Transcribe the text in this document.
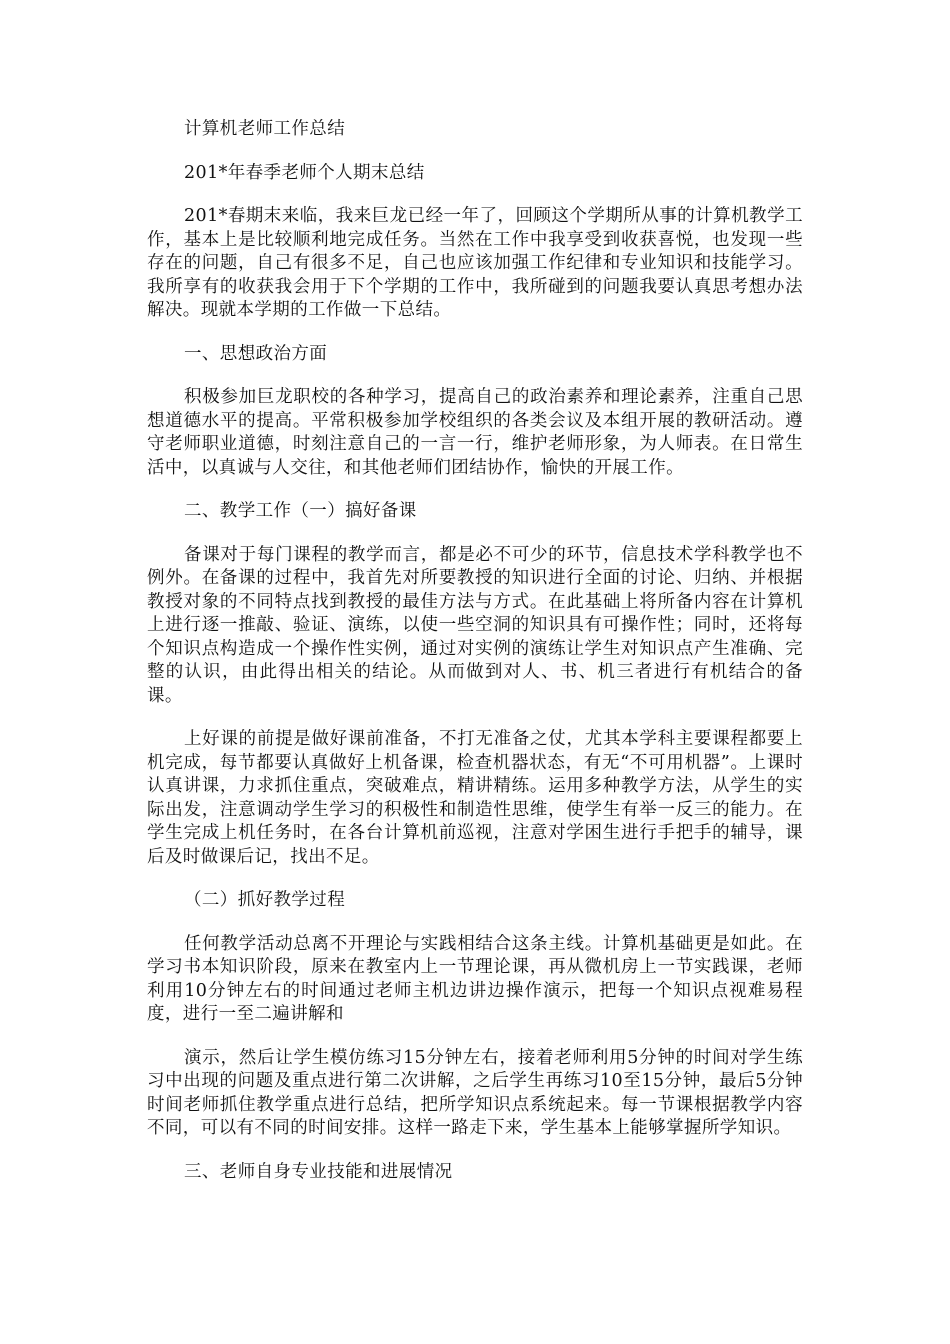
计算机老师工作总结

201*年春季老师个人期末总结

201*春期末来临，我来巨龙已经一年了，回顾这个学期所从事的计算机教学工作，基本上是比较顺利地完成任务。当然在工作中我享受到收获喜悦，也发现一些存在的问题，自己有很多不足，自己也应该加强工作纪律和专业知识和技能学习。我所享有的收获我会用于下个学期的工作中，我所碰到的问题我要认真思考想办法解决。现就本学期的工作做一下总结。

一、思想政治方面

积极参加巨龙职校的各种学习，提高自己的政治素养和理论素养，注重自己思想道德水平的提高。平常积极参加学校组织的各类会议及本组开展的教研活动。遵守老师职业道德，时刻注意自己的一言一行，维护老师形象，为人师表。在日常生活中，以真诚与人交往，和其他老师们团结协作，愉快的开展工作。

二、教学工作（一）搞好备课

备课对于每门课程的教学而言，都是必不可少的环节，信息技术学科教学也不例外。在备课的过程中，我首先对所要教授的知识进行全面的讨论、归纳、并根据教授对象的不同特点找到教授的最佳方法与方式。在此基础上将所备内容在计算机上进行逐一推敲、验证、演练，以使一些空洞的知识具有可操作性；同时，还将每个知识点构造成一个操作性实例，通过对实例的演练让学生对知识点产生准确、完整的认识，由此得出相关的结论。从而做到对人、书、机三者进行有机结合的备课。

上好课的前提是做好课前准备，不打无准备之仗，尤其本学科主要课程都要上机完成，每节都要认真做好上机备课，检查机器状态，有无“不可用机器”。上课时认真讲课，力求抓住重点，突破难点，精讲精练。运用多种教学方法，从学生的实际出发，注意调动学生学习的积极性和制造性思维，使学生有举一反三的能力。在学生完成上机任务时，在各台计算机前巡视，注意对学困生进行手把手的辅导，课后及时做课后记，找出不足。

（二）抓好教学过程

任何教学活动总离不开理论与实践相结合这条主线。计算机基础更是如此。在学习书本知识阶段，原来在教室内上一节理论课，再从微机房上一节实践课，老师利用10分钟左右的时间通过老师主机边讲边操作演示，把每一个知识点视难易程度，进行一至二遍讲解和

演示，然后让学生模仿练习15分钟左右，接着老师利用5分钟的时间对学生练习中出现的问题及重点进行第二次讲解，之后学生再练习10至15分钟，最后5分钟时间老师抓住教学重点进行总结，把所学知识点系统起来。每一节课根据教学内容不同，可以有不同的时间安排。这样一路走下来，学生基本上能够掌握所学知识。

三、老师自身专业技能和进展情况
